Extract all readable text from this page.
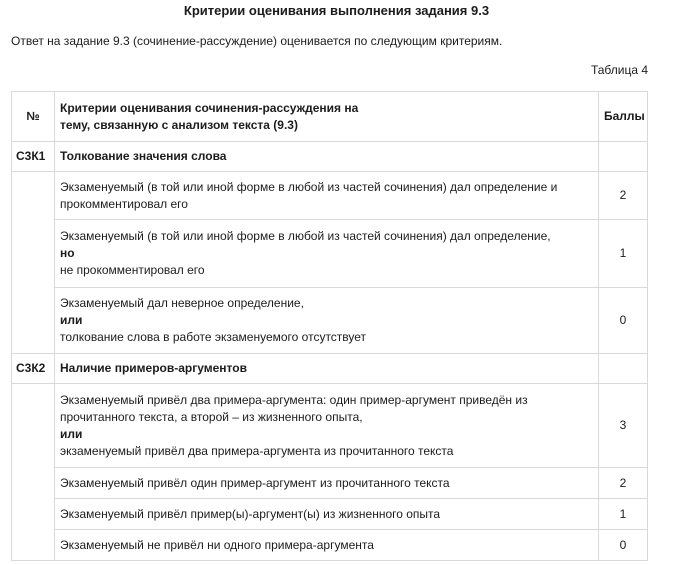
Критерии оценивания выполнения задания 9.3
Ответ на задание 9.3 (сочинение-рассуждение) оценивается по следующим критериям.
Таблица 4
№	Критерии оценивания сочинения-рассуждения на
тему, связанную с анализом текста (9.3)	Баллы
С3К1	Толкование значения слова	

	Экзаменуемый (в той или иной форме в любой из частей сочинения) дал определение и
прокомментировал его	2

	Экзаменуемый (в той или иной форме в любой из частей сочинения) дал определение,
но
не прокомментировал его	1

	Экзаменуемый дал неверное определение,
или
толкование слова в работе экзаменуемого отсутствует	0
С3К2	Наличие примеров-аргументов	

	Экзаменуемый привёл два примера-аргумента: один пример-аргумент приведён из
прочитанного текста, а второй – из жизненного опыта,
или
экзаменуемый привёл два примера-аргумента из прочитанного текста	3

	Экзаменуемый привёл один пример-аргумент из прочитанного текста	2

	Экзаменуемый привёл пример(ы)-аргумент(ы) из жизненного опыта	1

	Экзаменуемый не привёл ни одного примера-аргумента	0
